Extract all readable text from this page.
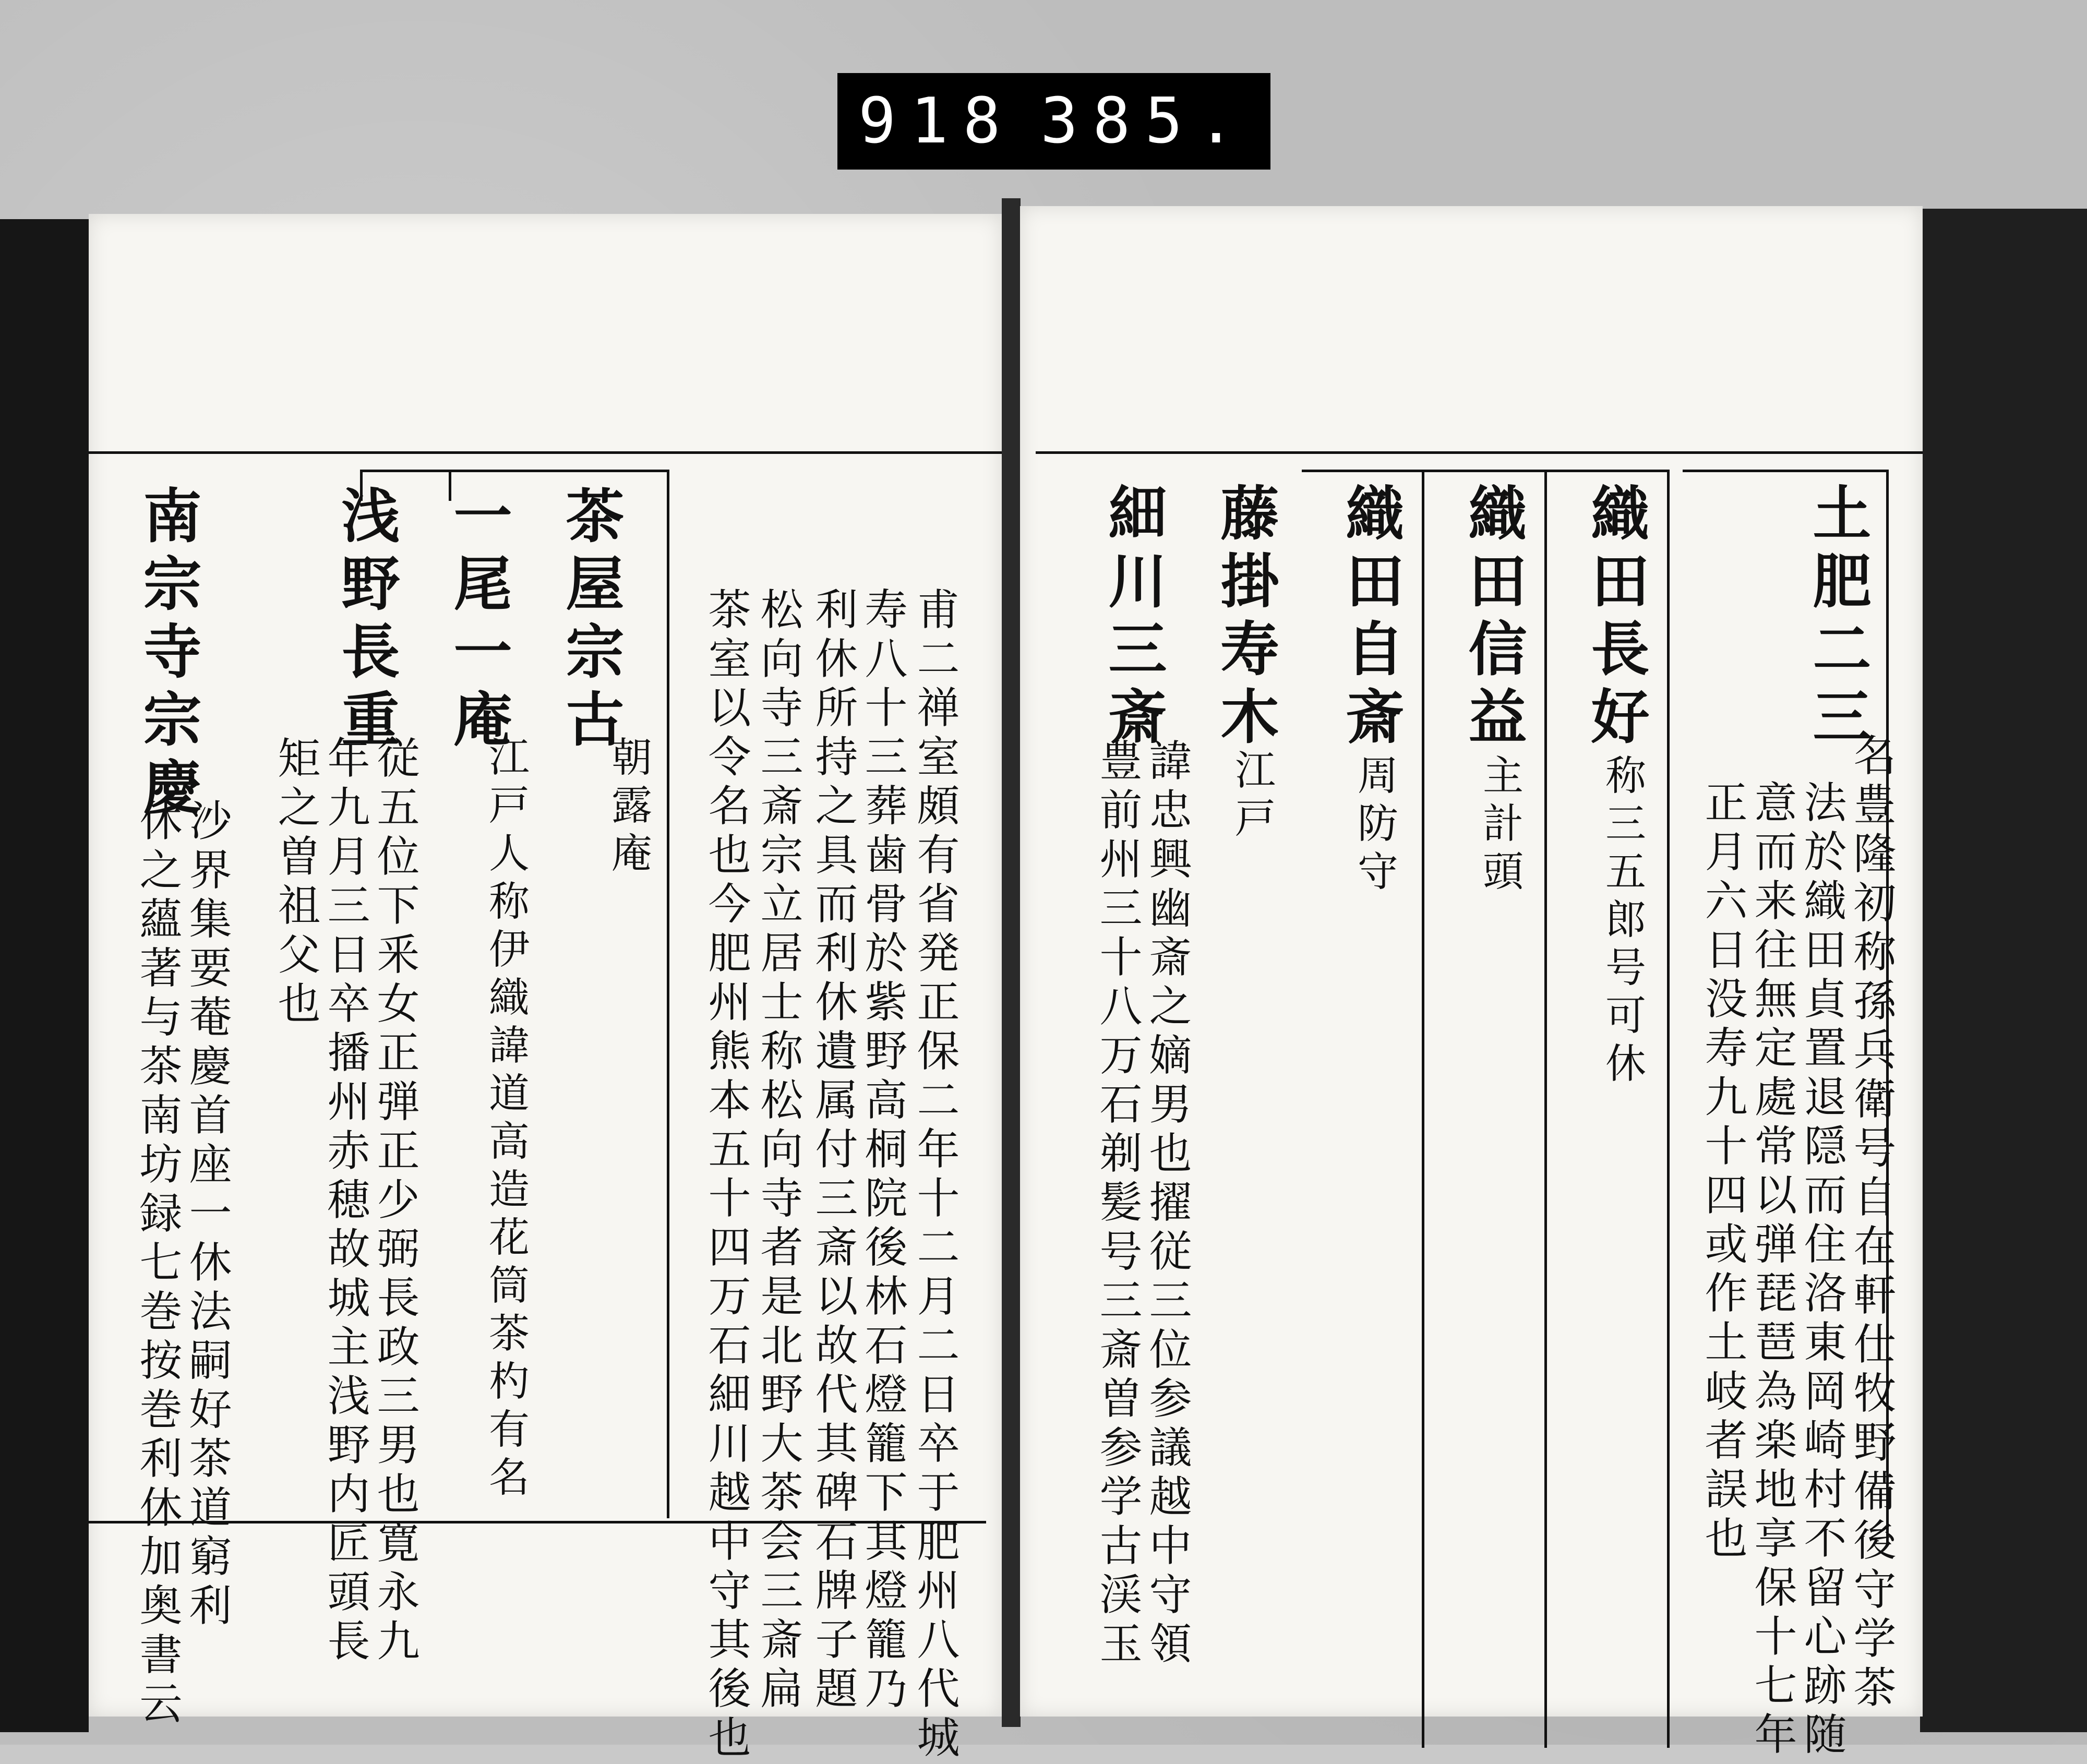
918 385.
甫二禅室頗有省発正保二年十二月二日卒于肥州八代城
寿八十三葬歯骨於紫野高桐院後林石燈籠下其燈籠乃
利休所持之具而利休遺属付三斎以故代其碑石牌子題
松向寺三斎宗立居士称松向寺者是北野大茶会三斎扁
茶室以令名也今肥州熊本五十四万石細川越中守其後也
茶屋宗古
朝露庵
一尾一庵
江戸人称伊織諱道高造花筒茶杓有名
浅野長重
従五位下釆女正弾正少弼長政三男也寛永九
年九月三日卒播州赤穂故城主浅野内匠頭長
矩之曽祖父也
南宗寺宗慶
沙界集要菴慶首座一休法嗣好茶道窮利
休之蘊著与茶南坊録七巻按巻利休加奥書云
土肥二三
名豊隆初称孫兵衛号自在軒仕牧野備後守学茶
法於織田貞置退隠而住洛東岡崎村不留心跡随
意而来往無定處常以弾琵琶為楽地享保十七年
正月六日没寿九十四或作土岐者誤也
織田長好
称三五郎号可休
織田信益
主計頭
織田自斎
周防守
藤掛寿木
江戸
細川三斎
諱忠興幽斎之嫡男也擢従三位参議越中守領
豊前州三十八万石剃髪号三斎曽参学古渓玉
